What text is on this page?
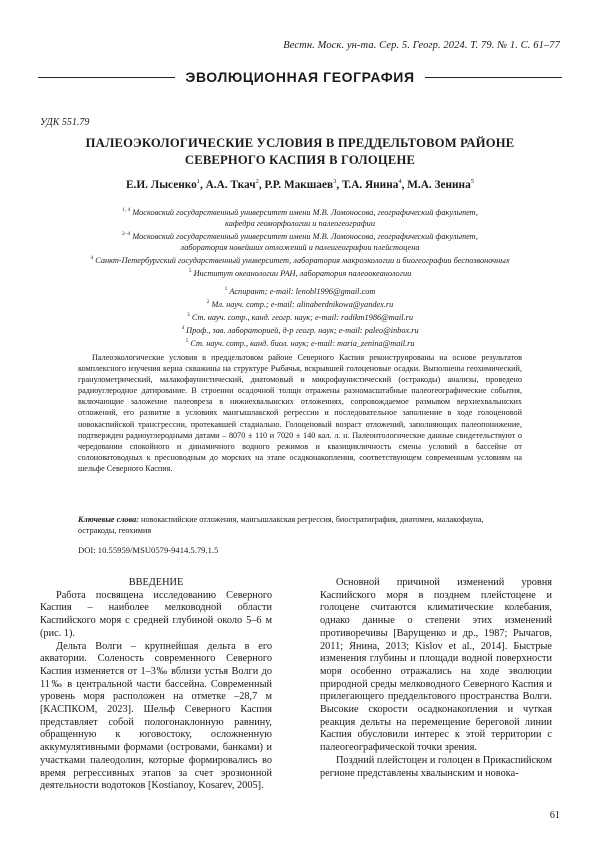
Вестн. Моск. ун-та. Сер. 5. Геогр. 2024. Т. 79. № 1. С. 61–77
ЭВОЛЮЦИОННАЯ ГЕОГРАФИЯ
УДК 551.79
ПАЛЕОЭКОЛОГИЧЕСКИЕ УСЛОВИЯ В ПРЕДДЕЛЬТОВОМ РАЙОНЕ
СЕВЕРНОГО КАСПИЯ В ГОЛОЦЕНЕ
Е.И. Лысенко$^1$, А.А. Ткач$^2$, Р.Р. Макшаев$^3$, Т.А. Янина$^4$, М.А. Зенина$^5$
$^{1, 4}$ Московский государственный университет имени М.В. Ломоносова, географический факультет,
кафедра геоморфологии и палеогеографии
$^{2-4}$ Московский государственный университет имени М.В. Ломоносова, географический факультет,
лаборатория новейших отложений и палеогеографии плейстоцена
$^4$ Санкт-Петербургский государственный университет, лаборатория макроэкологии и биогеографии беспозвоночных
$^5$ Институт океанологии РАН, лаборатория палеоокеанологии
$^1$ Аспирант; e-mail: lenobl1996@gmail.com
$^2$ Мл. науч. сотр.; e-mail: alinaberdnikowa@yandex.ru
$^3$ Ст. науч. сотр., канд. геогр. наук; e-mail: radikm1986@mail.ru
$^4$ Проф., зав. лабораторией, д-р геогр. наук; e-mail: paleo@inbox.ru
$^5$ Ст. науч. сотр., канд. биол. наук; e-mail: maria_zenina@mail.ru
Палеоэкологические условия в преддельтовом районе Северного Каспия реконструированы на основе результатов комплексного изучения керна скважины на структуре Рыбачья, вскрывшей голоценовые осадки. Выполнены геохимический, гранулометрический, малакофаунистический, диатомовый и микрофаунистический (остракоды) анализы, проведено радиоуглеродное датирование. В строении осадочной толщи отражены разномасштабные палеогеографические события, включающие заложение палеовреза в нижнехвалынских отложениях, сопровождаемое размывом верхнехвалынских отложений, его развитие в условиях мангышлакской регрессии и последовательное заполнение в ходе голоценовой новокаспийской трансгрессии, протекавшей стадиально. Голоценовый возраст отложений, заполняющих палеопонижение, подтвержден радиоуглеродными датами – 8070 ± 110 и 7020 ± 140 кал. л. н. Палеонтологические данные свидетельствуют о чередовании спокойного и динамичного водного режимов и квазицикличность смены условий в бассейне от солоноватоводных к пресноводным до морских на этапе осадконакопления, соответствующем современным условиям на шельфе Северного Каспия.
Ключевые слова: новокаспийские отложения, мангышлакская регрессия, биостратиграфия, диатомеи, малакофауна, остракоды, геохимия
DOI: 10.55959/MSU0579-9414.5.79.1.5

ВВЕДЕНИЕ

Работа посвящена исследованию Северного Каспия – наиболее мелководной области Каспийского моря с средней глубиной около 5–6 м (рис. 1).

Дельта Волги – крупнейшая дельта в его акватории. Соленость современного Северного Каспия изменяется от 1–3‰ вблизи устья Волги до 11‰ в центральной части бассейна. Современный уровень моря расположен на отметке –28,7 м [КАСПКОМ, 2023]. Шельф Северного Каспия представляет собой пологонаклонную равнину, обращенную к юговостоку, осложненную аккумулятивными формами (островами, банками) и участками палеодолин, которые формировались во время регрессивных этапов за счет эрозионной деятельности водотоков [Kostianoy, Kosarev, 2005].

Основной причиной изменений уровня Каспийского моря в позднем плейстоцене и голоцене считаются климатические колебания, однако данные о степени этих изменений противоречивы [Варущенко и др., 1987; Рычагов, 2011; Янина, 2013; Kislov et al., 2014]. Быстрые изменения глубины и площади водной поверхности моря особенно отражались на ходе эволюции природной среды мелководного Северного Каспия и прилегающего преддельтового пространства Волги. Высокие скорости осадконакопления и чуткая реакция дельты на перемещение береговой линии Каспия обусловили интерес к этой территории с палеогеографической точки зрения.

Поздний плейстоцен и голоцен в Прикаспийском регионе представлены хвалынским и новока-

61
